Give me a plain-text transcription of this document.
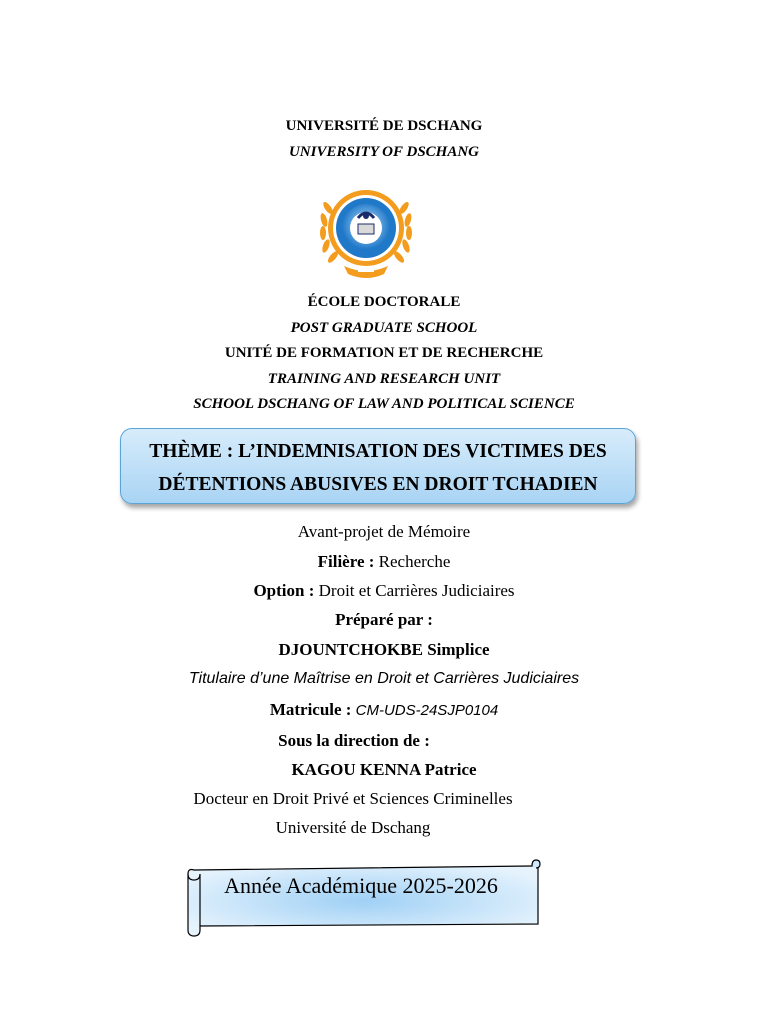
UNIVERSITÉ DE DSCHANG
UNIVERSITY OF DSCHANG
ÉCOLE DOCTORALE
POST GRADUATE SCHOOL
UNITÉ DE FORMATION ET DE RECHERCHE
TRAINING AND RESEARCH UNIT
SCHOOL DSCHANG OF LAW AND POLITICAL SCIENCE
THÈME : L’INDEMNISATION DES VICTIMES DES
DÉTENTIONS ABUSIVES EN DROIT TCHADIEN
Avant-projet de Mémoire
Filière : Recherche
Option : Droit et Carrières Judiciaires
Préparé par :
DJOUNTCHOKBE Simplice
Titulaire d’une Maîtrise en Droit et Carrières Judiciaires
Matricule : CM-UDS-24SJP0104
Sous la direction de :
KAGOU KENNA Patrice
Docteur en Droit Privé et Sciences Criminelles
Université de Dschang
Année Académique 2025-2026
